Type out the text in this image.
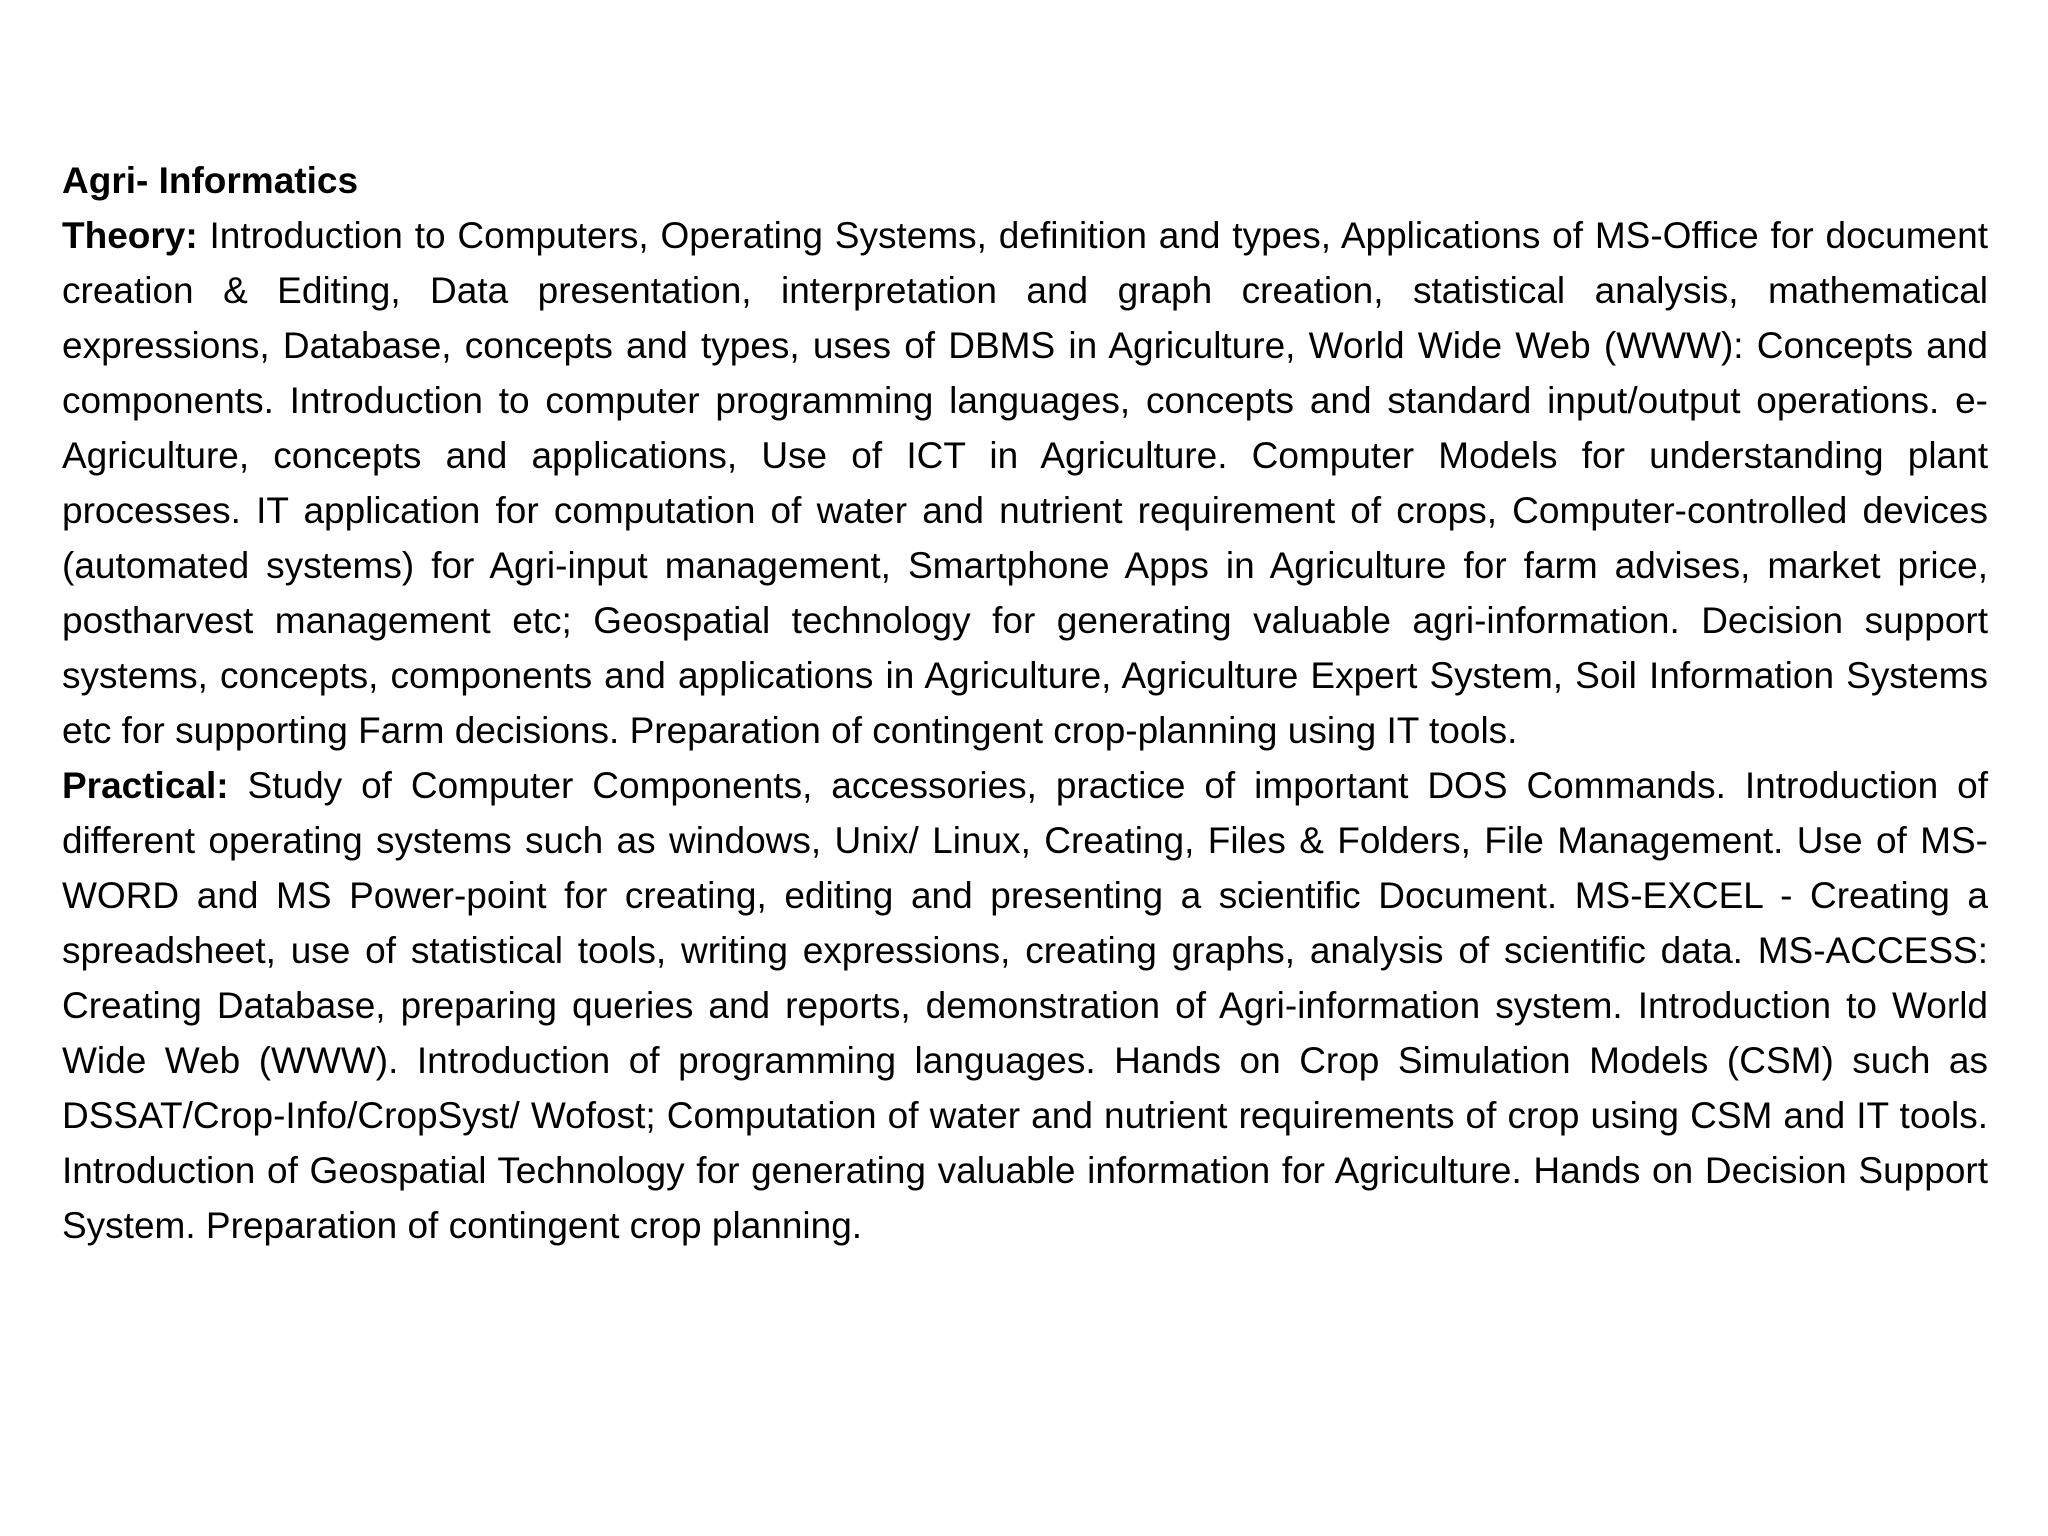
Agri- Informatics

Theory: Introduction to Computers, Operating Systems, definition and types, Applications of MS-Office for document creation & Editing, Data presentation, interpretation and graph creation, statistical analysis, mathematical expressions, Database, concepts and types, uses of DBMS in Agriculture, World Wide Web (WWW): Concepts and components. Introduction to computer programming languages, concepts and standard input/output operations. e-Agriculture, concepts and applications, Use of ICT in Agriculture. Computer Models for understanding plant processes. IT application for computation of water and nutrient requirement of crops, Computer-controlled devices (automated systems) for Agri-input management, Smartphone Apps in Agriculture for farm advises, market price, postharvest management etc; Geospatial technology for generating valuable agri-information. Decision support systems, concepts, components and applications in Agriculture, Agriculture Expert System, Soil Information Systems etc for supporting Farm decisions. Preparation of contingent crop-planning using IT tools.

Practical: Study of Computer Components, accessories, practice of important DOS Commands. Introduction of different operating systems such as windows, Unix/ Linux, Creating, Files & Folders, File Management. Use of MS-WORD and MS Power-point for creating, editing and presenting a scientific Document. MS-EXCEL - Creating a spreadsheet, use of statistical tools, writing expressions, creating graphs, analysis of scientific data. MS-ACCESS: Creating Database, preparing queries and reports, demonstration of Agri-information system. Introduction to World Wide Web (WWW). Introduction of programming languages. Hands on Crop Simulation Models (CSM) such as DSSAT/Crop-Info/CropSyst/ Wofost; Computation of water and nutrient requirements of crop using CSM and IT tools. Introduction of Geospatial Technology for generating valuable information for Agriculture. Hands on Decision Support System. Preparation of contingent crop planning.
